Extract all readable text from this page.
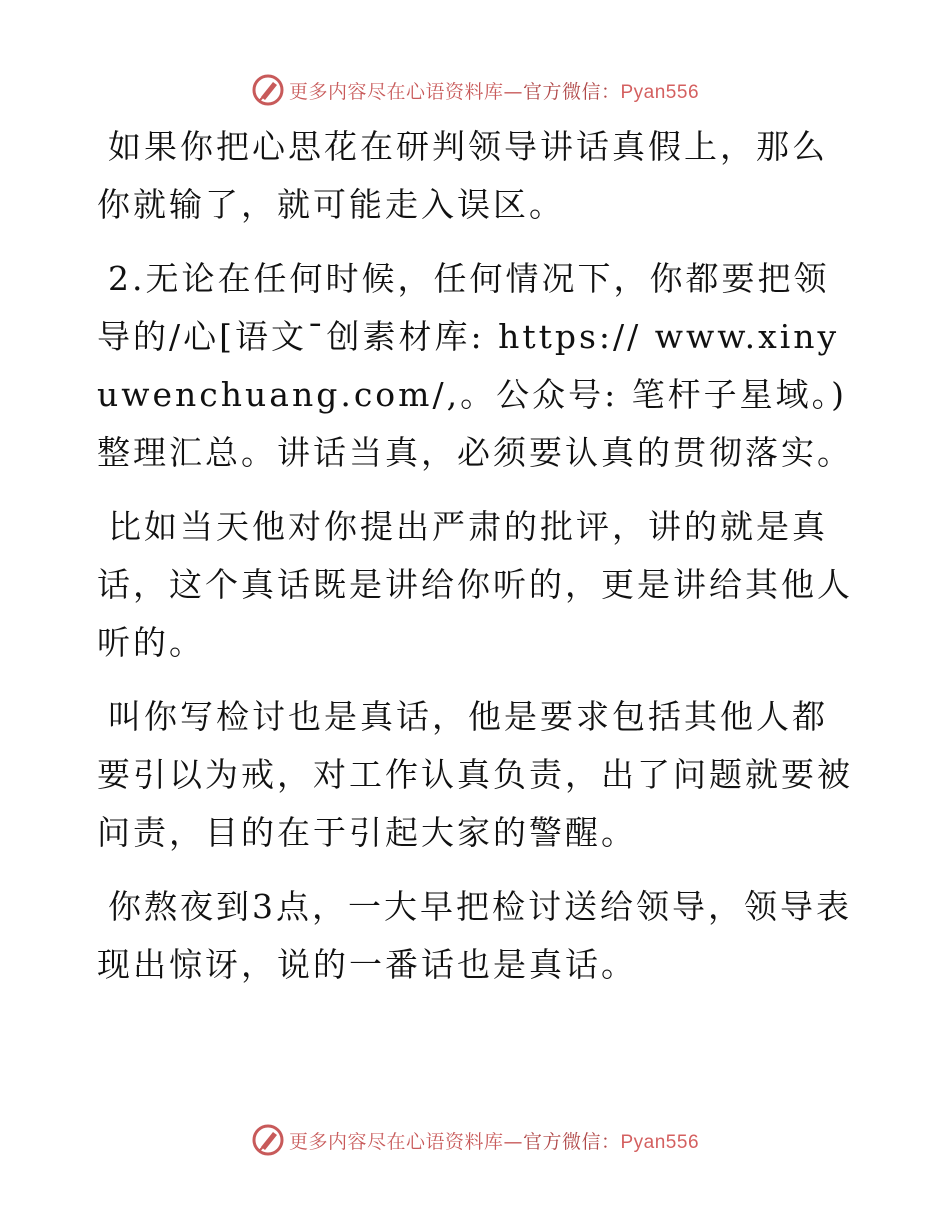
更多内容尽在心语资料库—官方微信：Pyan556

如果你把心思花在研判领导讲话真假上，那么你就输了，就可能走入误区。

2.无论在任何时候，任何情况下，你都要把领导的/心[语文¯创素材库: https:// www.xinyuwenchuang.com/,。公众号: 笔杆子星域。)整理汇总。讲话当真，必须要认真的贯彻落实。

比如当天他对你提出严肃的批评，讲的就是真话，这个真话既是讲给你听的，更是讲给其他人听的。

叫你写检讨也是真话，他是要求包括其他人都要引以为戒，对工作认真负责，出了问题就要被问责，目的在于引起大家的警醒。

你熬夜到3点，一大早把检讨送给领导，领导表现出惊讶，说的一番话也是真话。

更多内容尽在心语资料库—官方微信：Pyan556
